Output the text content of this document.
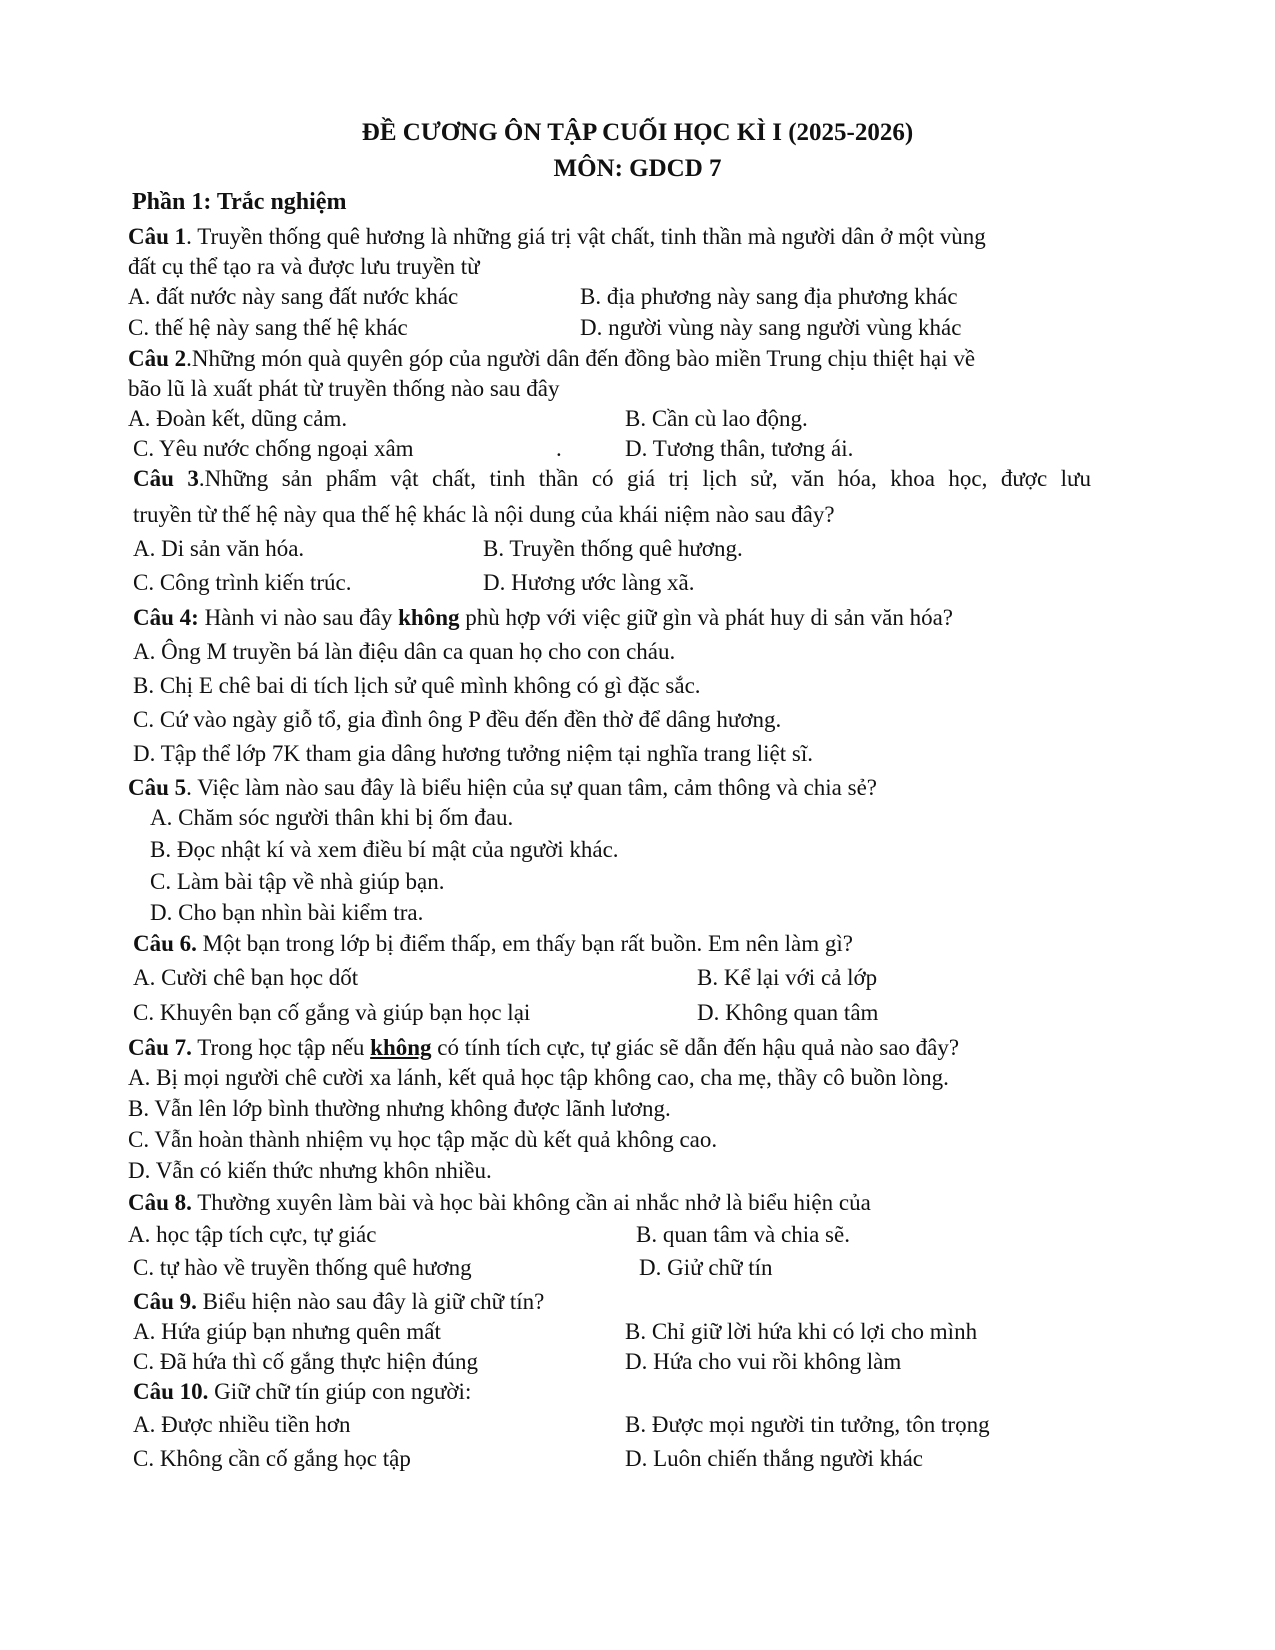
ĐỀ CƯƠNG ÔN TẬP CUỐI HỌC KÌ I (2025-2026)
MÔN: GDCD 7
Phần 1: Trắc nghiệm
Câu 1. Truyền thống quê hương là những giá trị vật chất, tinh thần mà người dân ở một vùng
đất cụ thể tạo ra và được lưu truyền từ
A. đất nước này sang đất nước khác	B. địa phương này sang địa phương khác
C. thế hệ này sang thế hệ khác	D. người vùng này sang người vùng khác
Câu 2.Những món quà quyên góp của người dân đến đồng bào miền Trung chịu thiệt hại về
bão lũ là xuất phát từ truyền thống nào sau đây
A. Đoàn kết, dũng cảm.	B. Cần cù lao động.
C. Yêu nước chống ngoại xâm	.	D. Tương thân, tương ái.
Câu 3.Những sản phẩm vật chất, tinh thần có giá trị lịch sử, văn hóa, khoa học, được lưu
truyền từ thế hệ này qua thế hệ khác là nội dung của khái niệm nào sau đây?
A. Di sản văn hóa.	B. Truyền thống quê hương.
C. Công trình kiến trúc.	D. Hương ước làng xã.
Câu 4: Hành vi nào sau đây không phù hợp với việc giữ gìn và phát huy di sản văn hóa?
A. Ông M truyền bá làn điệu dân ca quan họ cho con cháu.
B. Chị E chê bai di tích lịch sử quê mình không có gì đặc sắc.
C. Cứ vào ngày giỗ tổ, gia đình ông P đều đến đền thờ để dâng hương.
D. Tập thể lớp 7K tham gia dâng hương tưởng niệm tại nghĩa trang liệt sĩ.
Câu 5. Việc làm nào sau đây là biểu hiện của sự quan tâm, cảm thông và chia sẻ?
A. Chăm sóc người thân khi bị ốm đau.
B. Đọc nhật kí và xem điều bí mật của người khác.
C. Làm bài tập về nhà giúp bạn.
D. Cho bạn nhìn bài kiểm tra.
Câu 6. Một bạn trong lớp bị điểm thấp, em thấy bạn rất buồn. Em nên làm gì?
A. Cười chê bạn học dốt	B. Kể lại với cả lớp
C. Khuyên bạn cố gắng và giúp bạn học lại	D. Không quan tâm
Câu 7. Trong học tập nếu không có tính tích cực, tự giác sẽ dẫn đến hậu quả nào sao đây?
A. Bị mọi người chê cười xa lánh, kết quả học tập không cao, cha mẹ, thầy cô buồn lòng.
B. Vẫn lên lớp bình thường nhưng không được lãnh lương.
C. Vẫn hoàn thành nhiệm vụ học tập mặc dù kết quả không cao.
D. Vẫn có kiến thức nhưng khôn nhiều.
Câu 8. Thường xuyên làm bài và học bài không cần ai nhắc nhở là biểu hiện của
A. học tập tích cực, tự giác	B. quan tâm và chia sẽ.
C. tự hào về truyền thống quê hương	D. Giử chữ tín
Câu 9. Biểu hiện nào sau đây là giữ chữ tín?
A. Hứa giúp bạn nhưng quên mất	B. Chỉ giữ lời hứa khi có lợi cho mình
C. Đã hứa thì cố gắng thực hiện đúng	D. Hứa cho vui rồi không làm
Câu 10. Giữ chữ tín giúp con người:
A. Được nhiều tiền hơn	B. Được mọi người tin tưởng, tôn trọng
C. Không cần cố gắng học tập	D. Luôn chiến thắng người khác
